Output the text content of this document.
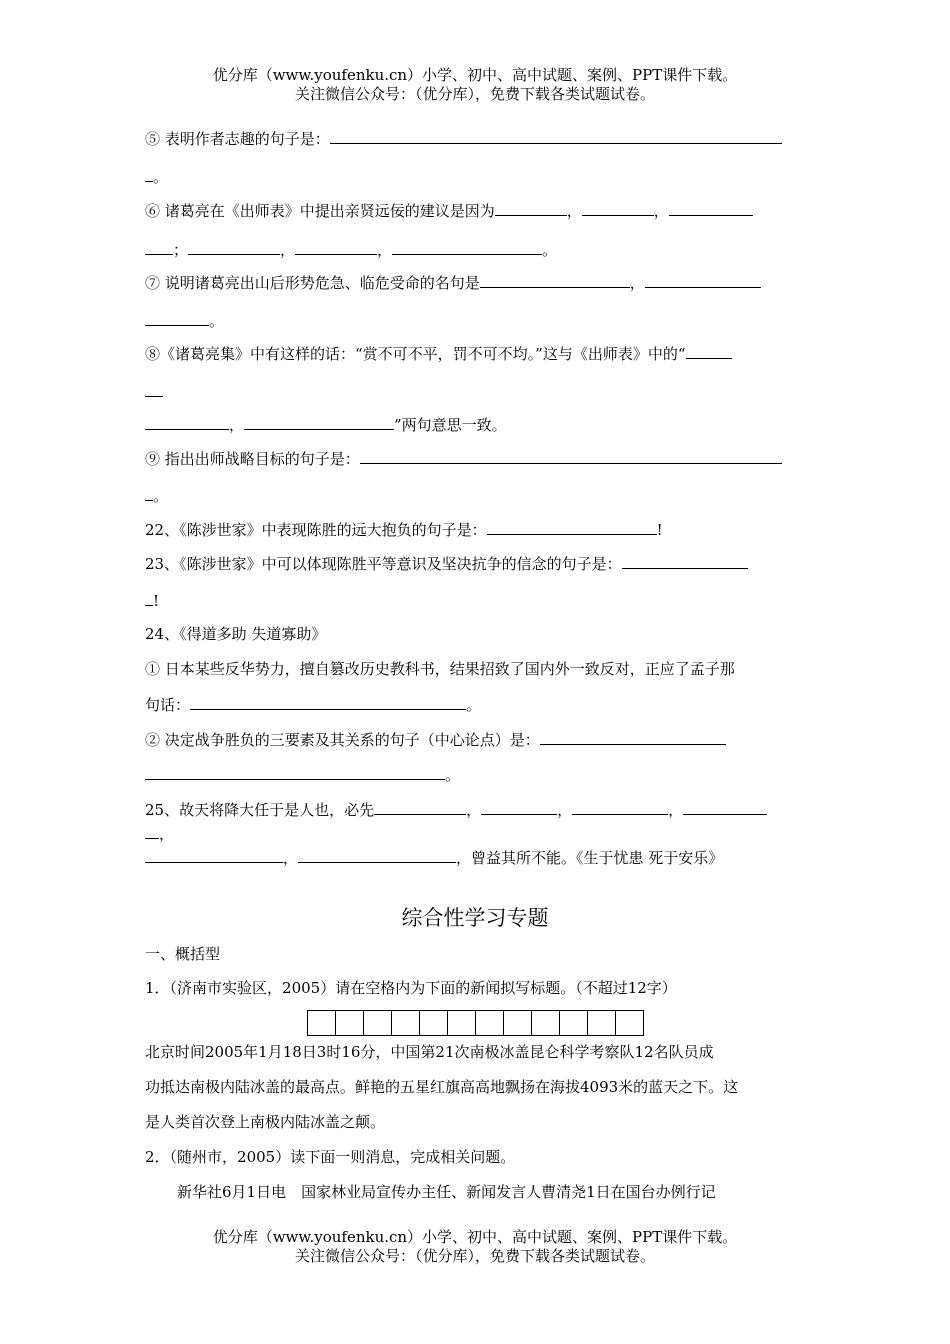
优分库（www.youfenku.cn）小学、初中、高中试题、案例、PPT课件下载。
关注微信公众号：（优分库），免费下载各类试题试卷。
⑤ 表明作者志趣的句子是：
。
⑥ 诸葛亮在《出师表》中提出亲贤远佞的建议是因为	，	，
；	，	，	。
⑦ 说明诸葛亮出山后形势危急、临危受命的名句是	，
。
⑧《诸葛亮集》中有这样的话：“赏不可不平，罚不可不均。”这与《出师表》中的“
，	”两句意思一致。
⑨ 指出出师战略目标的句子是：
。
22、《陈涉世家》中表现陈胜的远大抱负的句子是：	!
23、《陈涉世家》中可以体现陈胜平等意识及坚决抗争的信念的句子是：
!
24、《得道多助 失道寡助》
① 日本某些反华势力，擅自篡改历史教科书，结果招致了国内外一致反对，正应了孟子那
句话：	。
② 决定战争胜负的三要素及其关系的句子（中心论点）是：
。
25、故天将降大任于是人也，必先	，	，	，
，
，	，曾益其所不能。《生于忧患 死于安乐》
综合性学习专题
一、概括型
1．（济南市实验区，2005）请在空格内为下面的新闻拟写标题。（不超过12字）
北京时间2005年1月18日3时16分，中国第21次南极冰盖昆仑科学考察队12名队员成
功抵达南极内陆冰盖的最高点。鲜艳的五星红旗高高地飘扬在海拔4093米的蓝天之下。这
是人类首次登上南极内陆冰盖之颠。
2．（随州市，2005）读下面一则消息，完成相关问题。
新华社6月1日电　国家林业局宣传办主任、新闻发言人曹清尧1日在国台办例行记
优分库（www.youfenku.cn）小学、初中、高中试题、案例、PPT课件下载。
关注微信公众号：（优分库），免费下载各类试题试卷。
